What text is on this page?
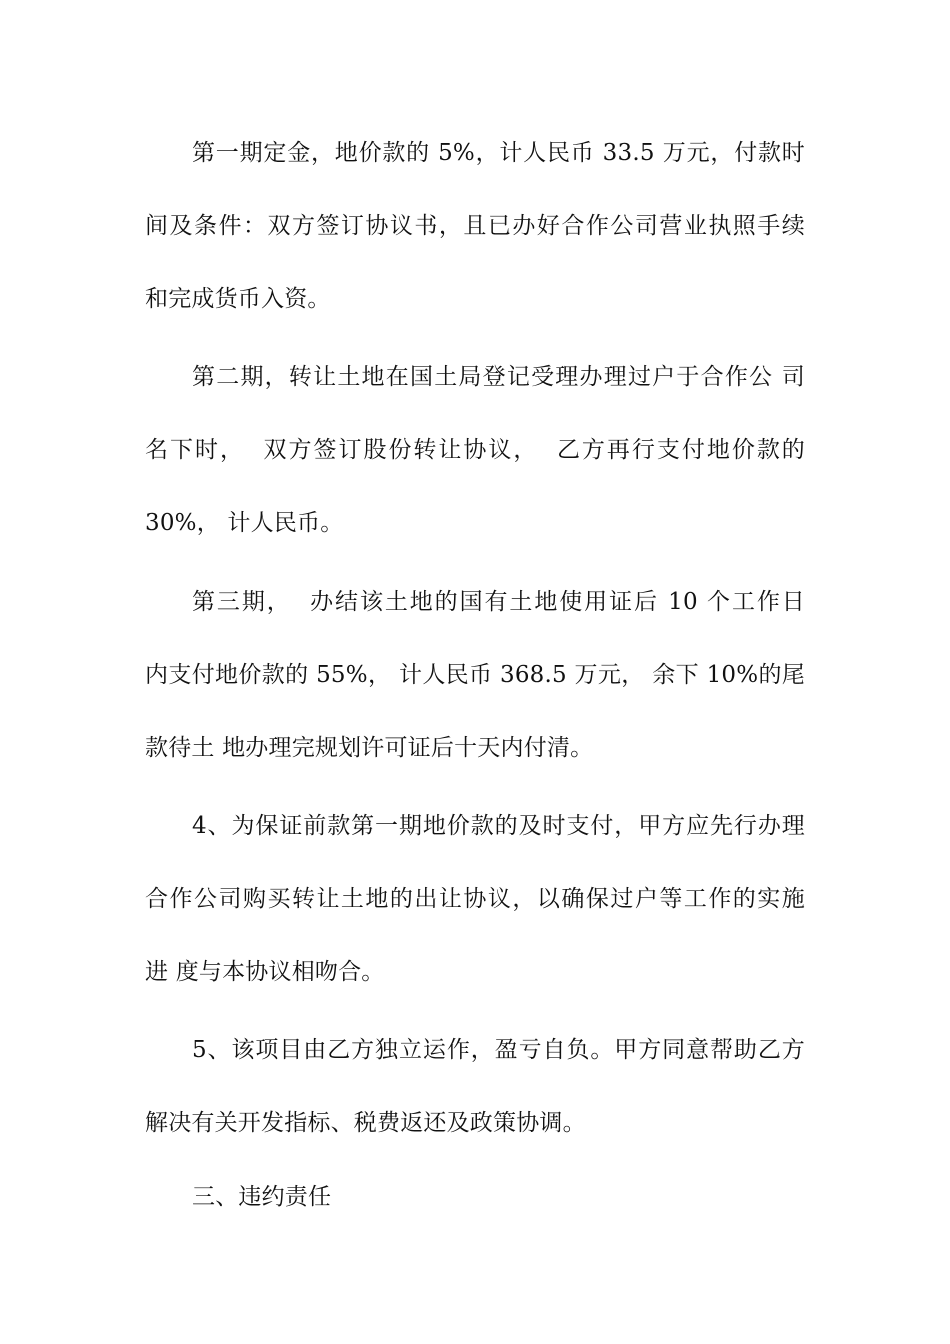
第一期定金，地价款的 5%，计人民币 33.5 万元，付款时
间及条件：双方签订协议书，且已办好合作公司营业执照手续
和完成货币入资。
第二期，转让土地在国土局登记受理办理过户于合作公 司
名下时，  双方签订股份转让协议，  乙方再行支付地价款的
30%， 计人民币。
第三期，  办结该土地的国有土地使用证后 10 个工作日
内支付地价款的 55%， 计人民币 368.5 万元， 余下 10%的尾
款待土 地办理完规划许可证后十天内付清。
4、为保证前款第一期地价款的及时支付，甲方应先行办理
合作公司购买转让土地的出让协议，以确保过户等工作的实施
进 度与本协议相吻合。
5、该项目由乙方独立运作，盈亏自负。甲方同意帮助乙方
解决有关开发指标、税费返还及政策协调。
三、违约责任
